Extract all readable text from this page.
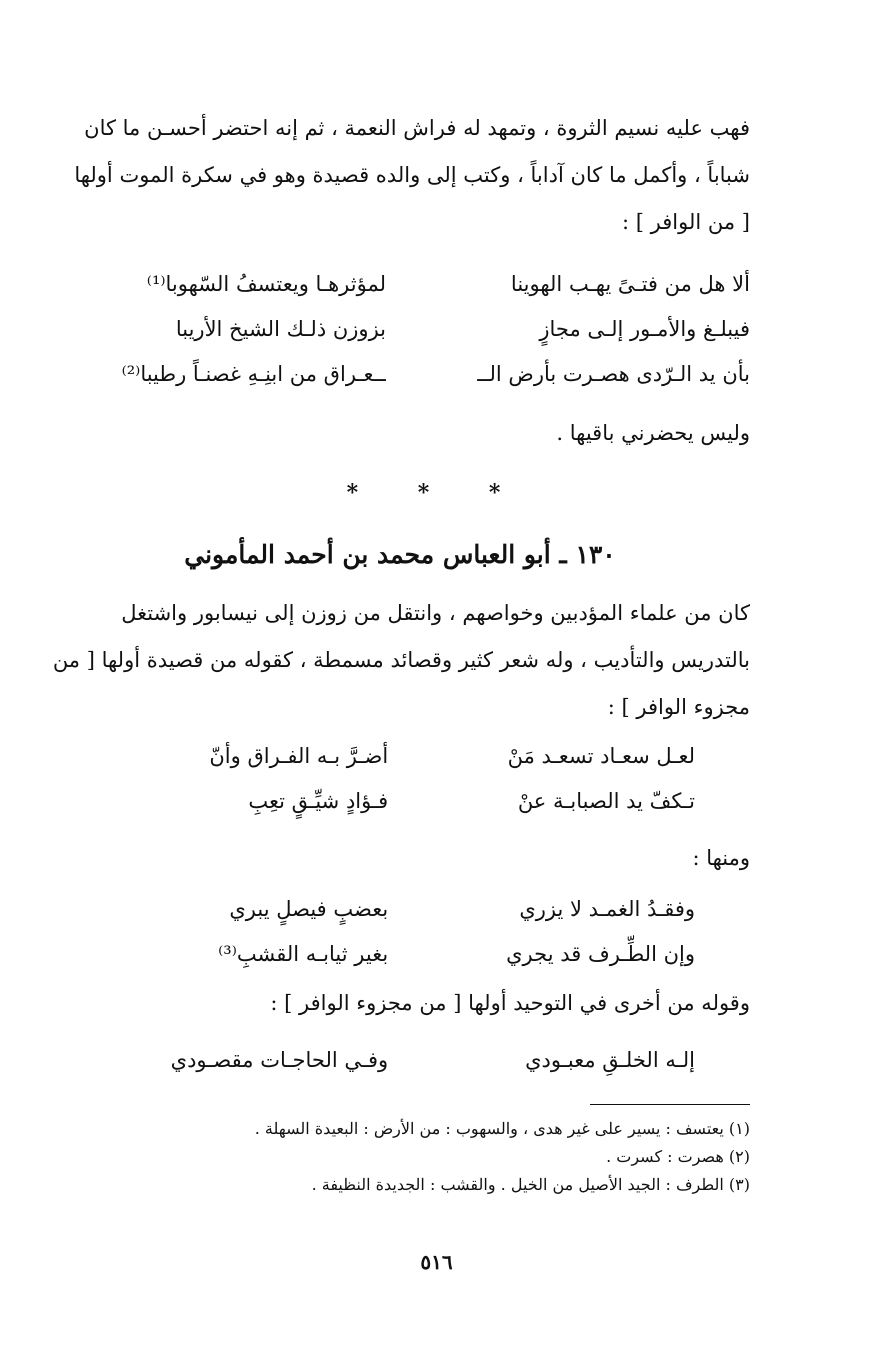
فهب عليه نسيم الثروة ، وتمهد له فراش النعمة ، ثم إنه احتضر أحسـن ما كان
شباباً ، وأكمل ما كان آداباً ، وكتب إلى والده قصيدة وهو في سكرة الموت أولها
[ من الوافر ] :
ألا هل من فتـىً يهـب الهوينا
لمؤثرهـا ويعتسفُ السّهوبا⁽¹⁾
فيبلـغ والأمـور إلـى مجازٍ
بزوزن ذلـك الشيخ الأريبا
بأن يد الـرّدى هصـرت بأرض الــ
ــعـراق من ابنِـهِ غصنـاً رطيبا⁽²⁾
وليس يحضرني باقيها .
* * *
١٣٠ ـ أبو العباس محمد بن أحمد المأموني
كان من علماء المؤدبين وخواصهم ، وانتقل من زوزن إلى نيسابور واشتغل
بالتدريس والتأديب ، وله شعر كثير وقصائد مسمطة ، كقوله من قصيدة أولها [ من
مجزوء الوافر ] :
لعـل سعـاد تسعـد مَنْ
أضـرَّ بـه الفـراق وأنّ
تـكفّ يد الصبابـة عنْ
فـؤادٍ شيِّـقٍ تعِبِ
ومنها :
وفقـدُ الغمـد لا يزري
بعضبٍ فيصلٍ يبري
وإن الطِّـرف قد يجري
بغير ثيابـه القشبِ⁽³⁾
وقوله من أخرى في التوحيد أولها [ من مجزوء الوافر ] :
إلـه الخلـقِ معبـودي
وفـي الحاجـات مقصـودي
(١) يعتسف : يسير على غير هدى ، والسهوب : من الأرض : البعيدة السهلة .
(٢) هصرت : كسرت .
(٣) الطرف : الجيد الأصيل من الخيل . والقشب : الجديدة النظيفة .
٥١٦
